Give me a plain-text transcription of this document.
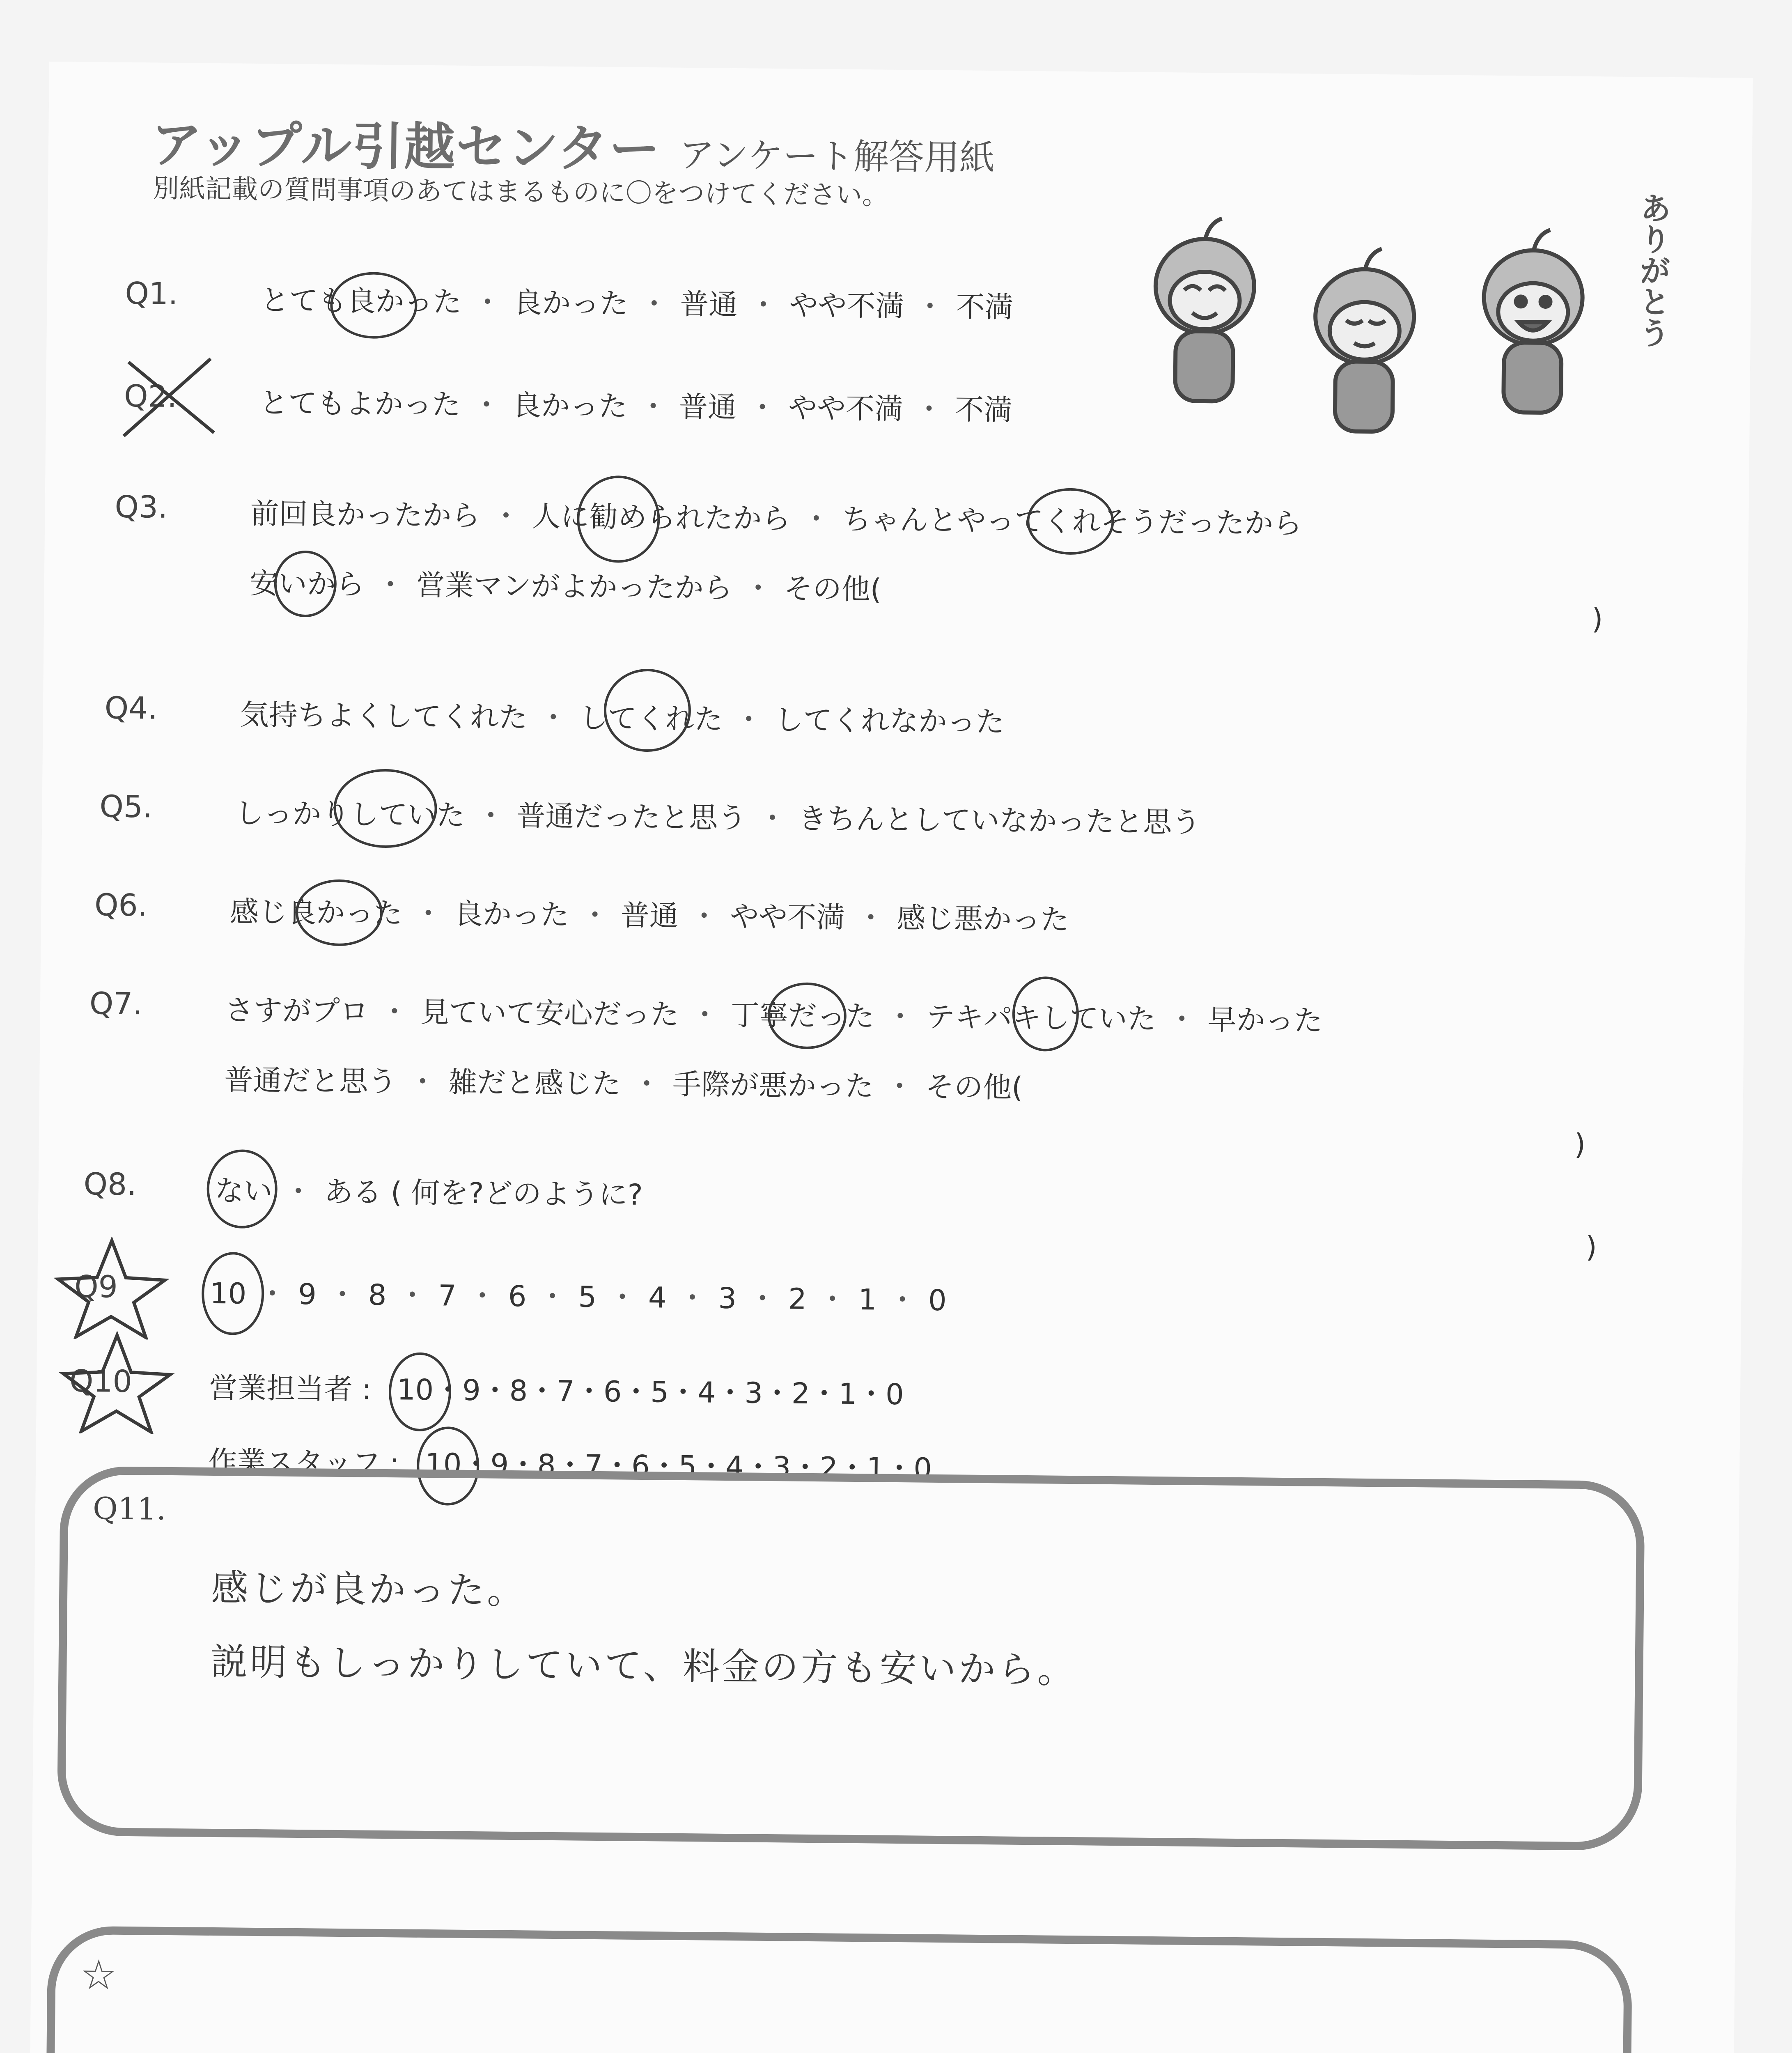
アップル引越センター アンケート解答用紙
別紙記載の質問事項のあてはまるものに〇をつけてください。	ありがとう
Q1.	とても良かった ・ 良かった ・ 普通 ・ やや不満 ・ 不満
Q2.	とてもよかった ・ 良かった ・ 普通 ・ やや不満 ・ 不満
Q3.	前回良かったから ・ 人に勧められたから ・ ちゃんとやってくれそうだったから
安いから ・ 営業マンがよかったから ・ その他(
)
Q4.	気持ちよくしてくれた ・ してくれた ・ してくれなかった
Q5.	しっかりしていた ・ 普通だったと思う ・ きちんとしていなかったと思う
Q6.	感じ良かった ・ 良かった ・ 普通 ・ やや不満 ・ 感じ悪かった
Q7.	さすがプロ ・ 見ていて安心だった ・ 丁寧だった ・ テキパキしていた ・ 早かった
普通だと思う ・ 雑だと感じた ・ 手際が悪かった ・ その他(
)
Q8.	ない ・ ある ( 何を?どのように?
)
Q9	10 ・ 9 ・ 8 ・ 7 ・ 6 ・ 5 ・ 4 ・ 3 ・ 2 ・ 1 ・ 0
Q10	営業担当者 : 10
・9・8・7・6・5・4・3・2・1・0
作業スタッフ : 10
・9・8・7・6・5・4・3・2・1・0
Q11.
感じが良かった。
説明もしっかりしていて、料金の方も安いから。
☆
